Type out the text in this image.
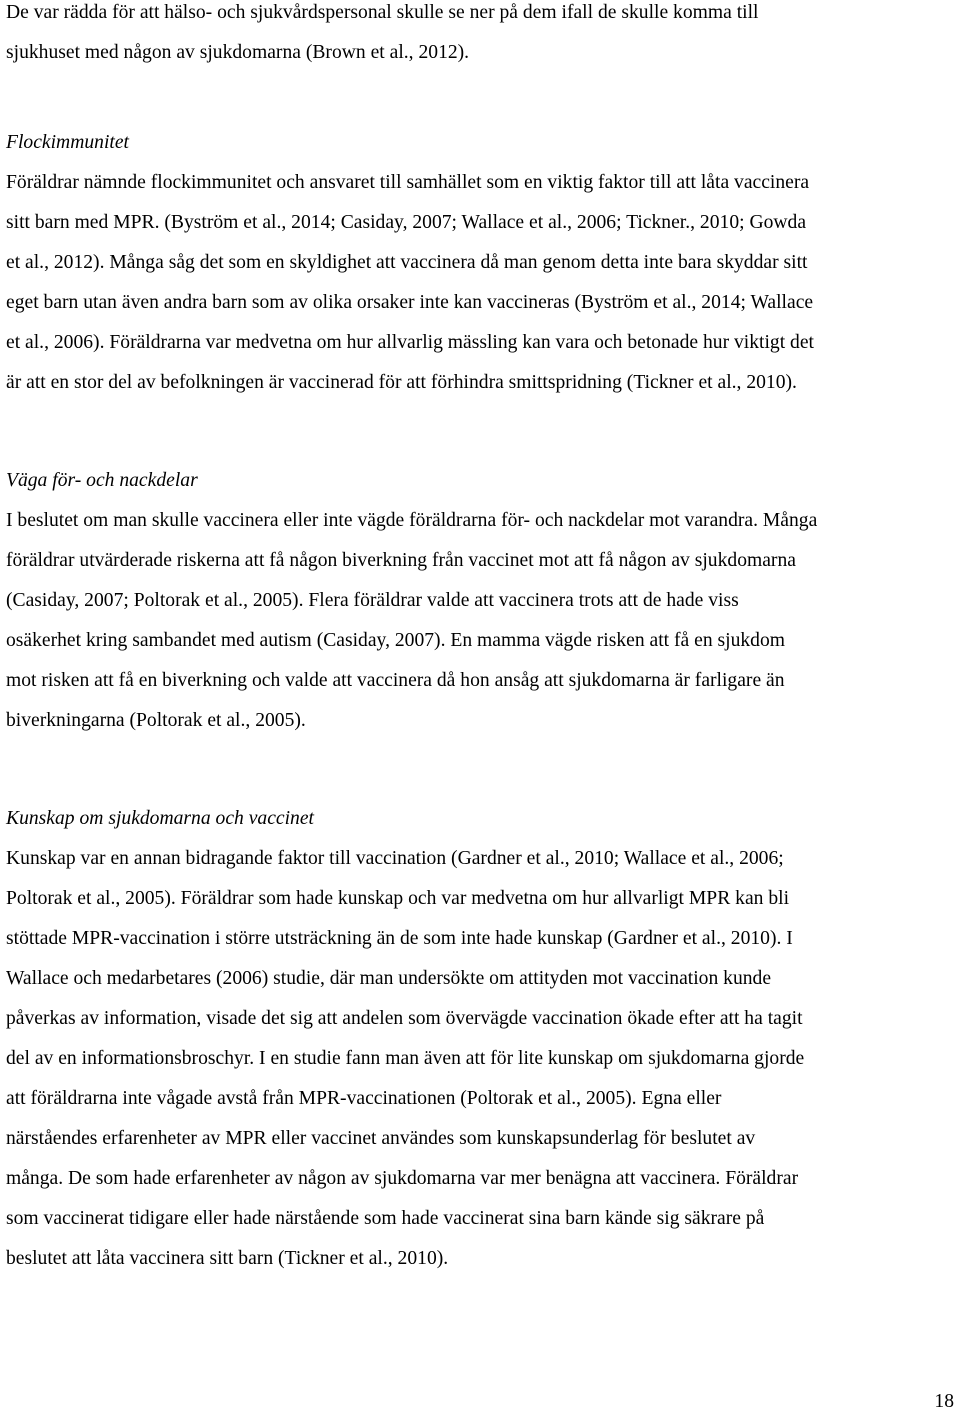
De var rädda för att hälso- och sjukvårdspersonal skulle se ner på dem ifall de skulle komma till
sjukhuset med någon av sjukdomarna (Brown et al., 2012).
Flockimmunitet
Föräldrar nämnde flockimmunitet och ansvaret till samhället som en viktig faktor till att låta vaccinera
sitt barn med MPR. (Byström et al., 2014; Casiday, 2007; Wallace et al., 2006; Tickner., 2010; Gowda
et al., 2012). Många såg det som en skyldighet att vaccinera då man genom detta inte bara skyddar sitt
eget barn utan även andra barn som av olika orsaker inte kan vaccineras (Byström et al., 2014; Wallace
et al., 2006). Föräldrarna var medvetna om hur allvarlig mässling kan vara och betonade hur viktigt det
är att en stor del av befolkningen är vaccinerad för att förhindra smittspridning (Tickner et al., 2010).
Väga för- och nackdelar
I beslutet om man skulle vaccinera eller inte vägde föräldrarna för- och nackdelar mot varandra. Många
föräldrar utvärderade riskerna att få någon biverkning från vaccinet mot att få någon av sjukdomarna
(Casiday, 2007; Poltorak et al., 2005). Flera föräldrar valde att vaccinera trots att de hade viss
osäkerhet kring sambandet med autism (Casiday, 2007). En mamma vägde risken att få en sjukdom
mot risken att få en biverkning och valde att vaccinera då hon ansåg att sjukdomarna är farligare än
biverkningarna (Poltorak et al., 2005).
Kunskap om sjukdomarna och vaccinet
Kunskap var en annan bidragande faktor till vaccination (Gardner et al., 2010; Wallace et al., 2006;
Poltorak et al., 2005). Föräldrar som hade kunskap och var medvetna om hur allvarligt MPR kan bli
stöttade MPR-vaccination i större utsträckning än de som inte hade kunskap (Gardner et al., 2010). I
Wallace och medarbetares (2006) studie, där man undersökte om attityden mot vaccination kunde
påverkas av information, visade det sig att andelen som övervägde vaccination ökade efter att ha tagit
del av en informationsbroschyr. I en studie fann man även att för lite kunskap om sjukdomarna gjorde
att föräldrarna inte vågade avstå från MPR-vaccinationen (Poltorak et al., 2005). Egna eller
närståendes erfarenheter av MPR eller vaccinet användes som kunskapsunderlag för beslutet av
många. De som hade erfarenheter av någon av sjukdomarna var mer benägna att vaccinera. Föräldrar
som vaccinerat tidigare eller hade närstående som hade vaccinerat sina barn kände sig säkrare på
beslutet att låta vaccinera sitt barn (Tickner et al., 2010).
18
